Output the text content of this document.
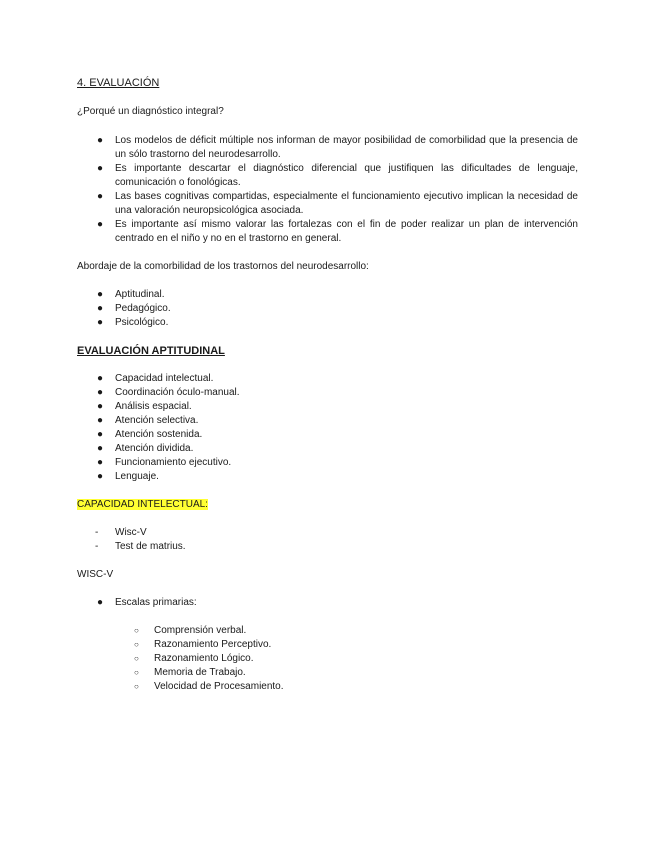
4. EVALUACIÓN

¿Porqué un diagnóstico integral?

● Los modelos de déficit múltiple nos informan de mayor posibilidad de comorbilidad que la presencia de un sólo trastorno del neurodesarrollo.
● Es importante descartar el diagnóstico diferencial que justifiquen las dificultades de lenguaje, comunicación o fonológicas.
● Las bases cognitivas compartidas, especialmente el funcionamiento ejecutivo implican la necesidad de una valoración neuropsicológica asociada.
● Es importante así mismo valorar las fortalezas con el fin de poder realizar un plan de intervención centrado en el niño y no en el trastorno en general.

Abordaje de la comorbilidad de los trastornos del neurodesarrollo:

● Aptitudinal.
● Pedagógico.
● Psicológico.

EVALUACIÓN APTITUDINAL

● Capacidad intelectual.
● Coordinación óculo-manual.
● Análisis espacial.
● Atención selectiva.
● Atención sostenida.
● Atención dividida.
● Funcionamiento ejecutivo.
● Lenguaje.

CAPACIDAD INTELECTUAL:

- Wisc-V
- Test de matrius.

WISC-V

● Escalas primarias:
○ Comprensión verbal.
○ Razonamiento Perceptivo.
○ Razonamiento Lógico.
○ Memoria de Trabajo.
○ Velocidad de Procesamiento.
